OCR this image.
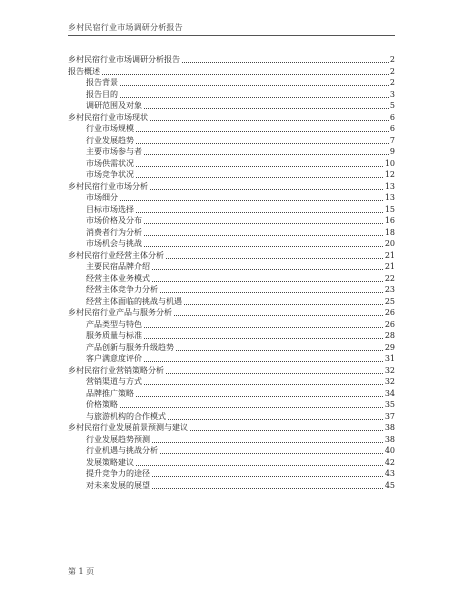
乡村民宿行业市场调研分析报告
乡村民宿行业市场调研分析报告	2
报告概述	2
报告背景	2
报告目的	3
调研范围及对象	5
乡村民宿行业市场现状	6
行业市场规模	6
行业发展趋势	7
主要市场参与者	9
市场供需状况	10
市场竞争状况	12
乡村民宿行业市场分析	13
市场细分	13
目标市场选择	15
市场价格及分布	16
消费者行为分析	18
市场机会与挑战	20
乡村民宿行业经营主体分析	21
主要民宿品牌介绍	21
经营主体业务模式	22
经营主体竞争力分析	23
经营主体面临的挑战与机遇	25
乡村民宿行业产品与服务分析	26
产品类型与特色	26
服务质量与标准	28
产品创新与服务升级趋势	29
客户满意度评价	31
乡村民宿行业营销策略分析	32
营销渠道与方式	32
品牌推广策略	34
价格策略	35
与旅游机构的合作模式	37
乡村民宿行业发展前景预测与建议	38
行业发展趋势预测	38
行业机遇与挑战分析	40
发展策略建议	42
提升竞争力的途径	43
对未来发展的展望	45
第 1 页
